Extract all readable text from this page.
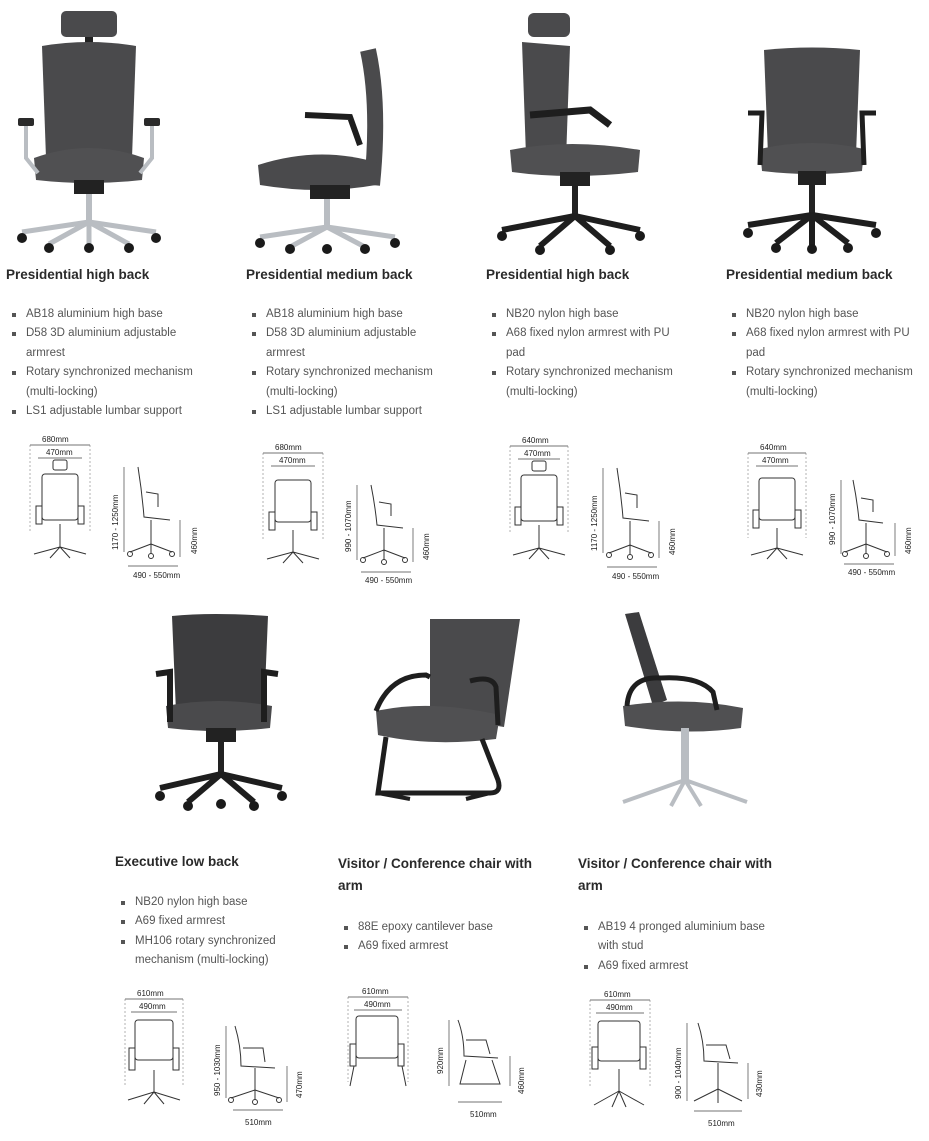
Presidential high back
AB18 aluminium high base
D58 3D aluminium adjustable armrest
Rotary synchronized mechanism (multi-locking)
LS1 adjustable lumbar support
680mm
470mm
1170 - 1250mm	460mm
490 - 550mm
Presidential medium back
AB18 aluminium high base
D58 3D aluminium adjustable armrest
Rotary synchronized mechanism (multi-locking)
LS1 adjustable lumbar support
680mm
470mm
990 - 1070mm	460mm
490 - 550mm
Presidential high back
NB20 nylon high base
A68 fixed nylon armrest with PU pad
Rotary synchronized mechanism (multi-locking)
640mm
470mm
1170 - 1250mm	460mm
490 - 550mm
Presidential medium back
NB20 nylon high base
A68 fixed nylon armrest with PU pad
Rotary synchronized mechanism (multi-locking)
640mm
470mm
990 - 1070mm	460mm
490 - 550mm
Executive low back
NB20 nylon high base
A69 fixed armrest
MH106 rotary synchronized mechanism (multi-locking)
610mm
490mm
950 - 1030mm	470mm
510mm
Visitor / Conference chair with arm
88E epoxy cantilever base
A69 fixed armrest
610mm
490mm
920mm
460mm
510mm
Visitor / Conference chair with arm
AB19 4 pronged aluminium base with stud
A69 fixed armrest
610mm
490mm
900 - 1040mm	430mm
510mm
